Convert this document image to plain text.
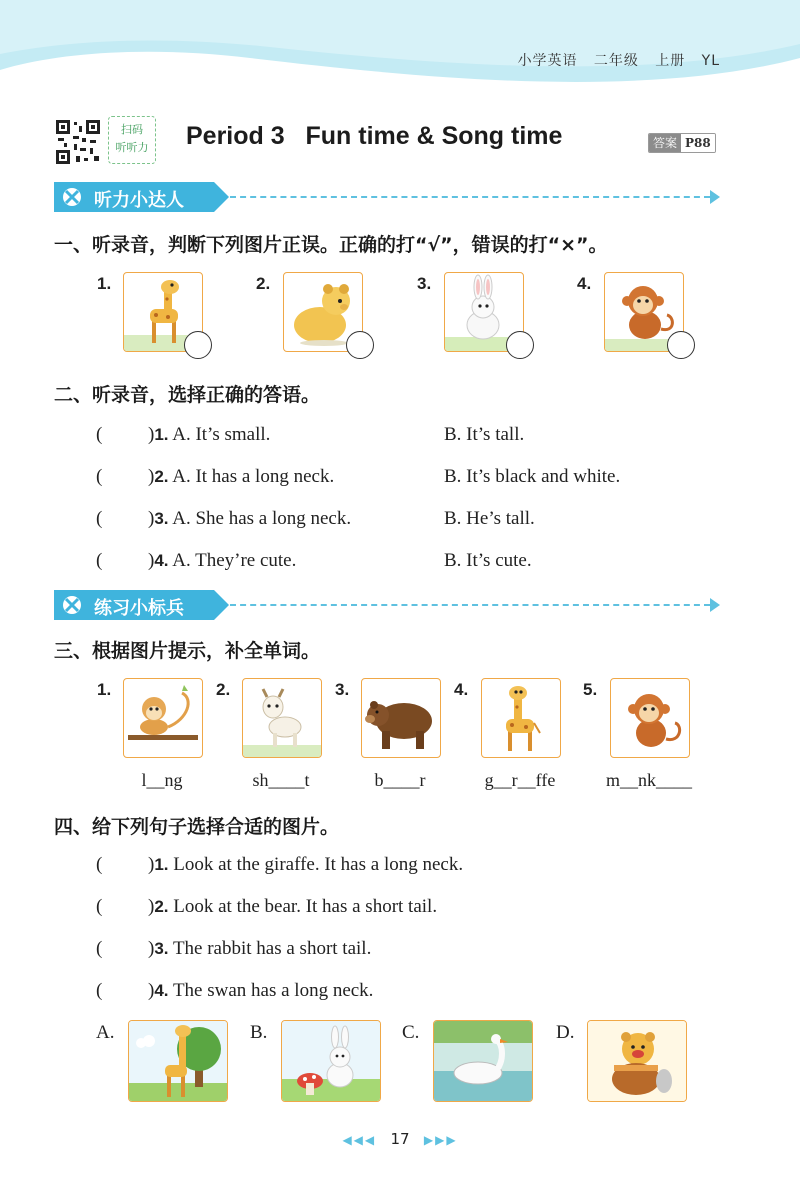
小学英语 二年级 上册 YL
扫码
听听力 Period 3   Fun time & Song time	答案 P88
听力小达人
一、听录音，判断下列图片正误。正确的打“√”，错误的打“×”。
1.	2.	3.	4.
二、听录音，选择正确的答语。
( )1. A. It’s small.	B. It’s tall.
( )2. A. It has a long neck.	B. It’s black and white.
( )3. A. She has a long neck.	B. He’s tall.
( )4. A. They’re cute.	B. It’s cute.
练习小标兵
三、根据图片提示，补全单词。
1.
l__ng
2.
sh____t
3.
b____r
4.
g__r__ffe
5.
m__nk____
四、给下列句子选择合适的图片。
( )1. Look at the giraffe. It has a long neck.
( )2. Look at the bear. It has a short tail.
( )3. The rabbit has a short tail.
( )4. The swan has a long neck.
A.	B.	C.	D.
◀◀◀ 17 ▶▶▶
